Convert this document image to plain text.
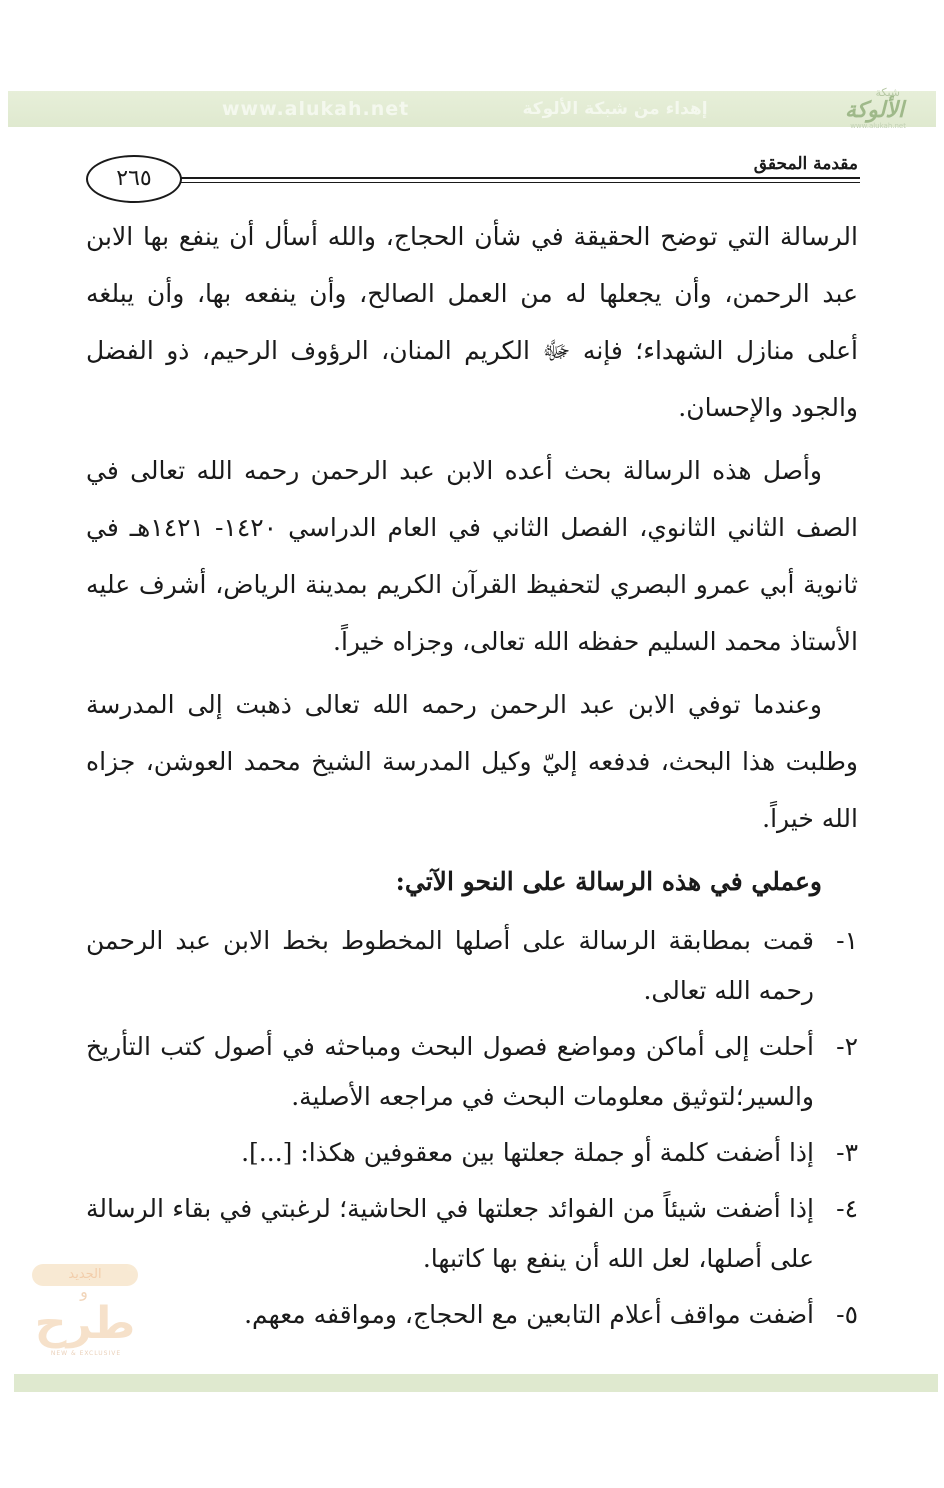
www.alukah.net	إهداء من شبكة الألوكة
شبكة
الألوكة
www.alukah.net
مقدمة المحقق
٢٦٥

الرسالة التي توضح الحقيقة في شأن الحجاج، والله أسأل أن ينفع بها الابن عبد الرحمن، وأن يجعلها له من العمل الصالح، وأن ينفعه بها، وأن يبلغه أعلى منازل الشهداء؛ فإنه ﷻ الكريم المنان، الرؤوف الرحيم، ذو الفضل والجود والإحسان.

وأصل هذه الرسالة بحث أعده الابن عبد الرحمن رحمه الله تعالى في الصف الثاني الثانوي، الفصل الثاني في العام الدراسي ١٤٢٠- ١٤٢١هـ في ثانوية أبي عمرو البصري لتحفيظ القرآن الكريم بمدينة الرياض، أشرف عليه الأستاذ محمد السليم حفظه الله تعالى، وجزاه خيراً.

وعندما توفي الابن عبد الرحمن رحمه الله تعالى ذهبت إلى المدرسة وطلبت هذا البحث، فدفعه إليّ وكيل المدرسة الشيخ محمد العوشن، جزاه الله خيراً.

وعملي في هذه الرسالة على النحو الآتي:

١-
قمت بمطابقة الرسالة على أصلها المخطوط بخط الابن عبد الرحمن رحمه الله تعالى.
٢-
أحلت إلى أماكن ومواضع فصول البحث ومباحثه في أصول كتب التأريخ والسير؛لتوثيق معلومات البحث في مراجعه الأصلية.
٣-
إذا أضفت كلمة أو جملة جعلتها بين معقوفين هكذا: [...].
٤-
إذا أضفت شيئاً من الفوائد جعلتها في الحاشية؛ لرغبتي في بقاء الرسالة على أصلها، لعل الله أن ينفع بها كاتبها.
٥-
أضفت مواقف أعلام التابعين مع الحجاج، ومواقفه معهم.
الجديد
و
طرح
NEW & EXCLUSIVE
